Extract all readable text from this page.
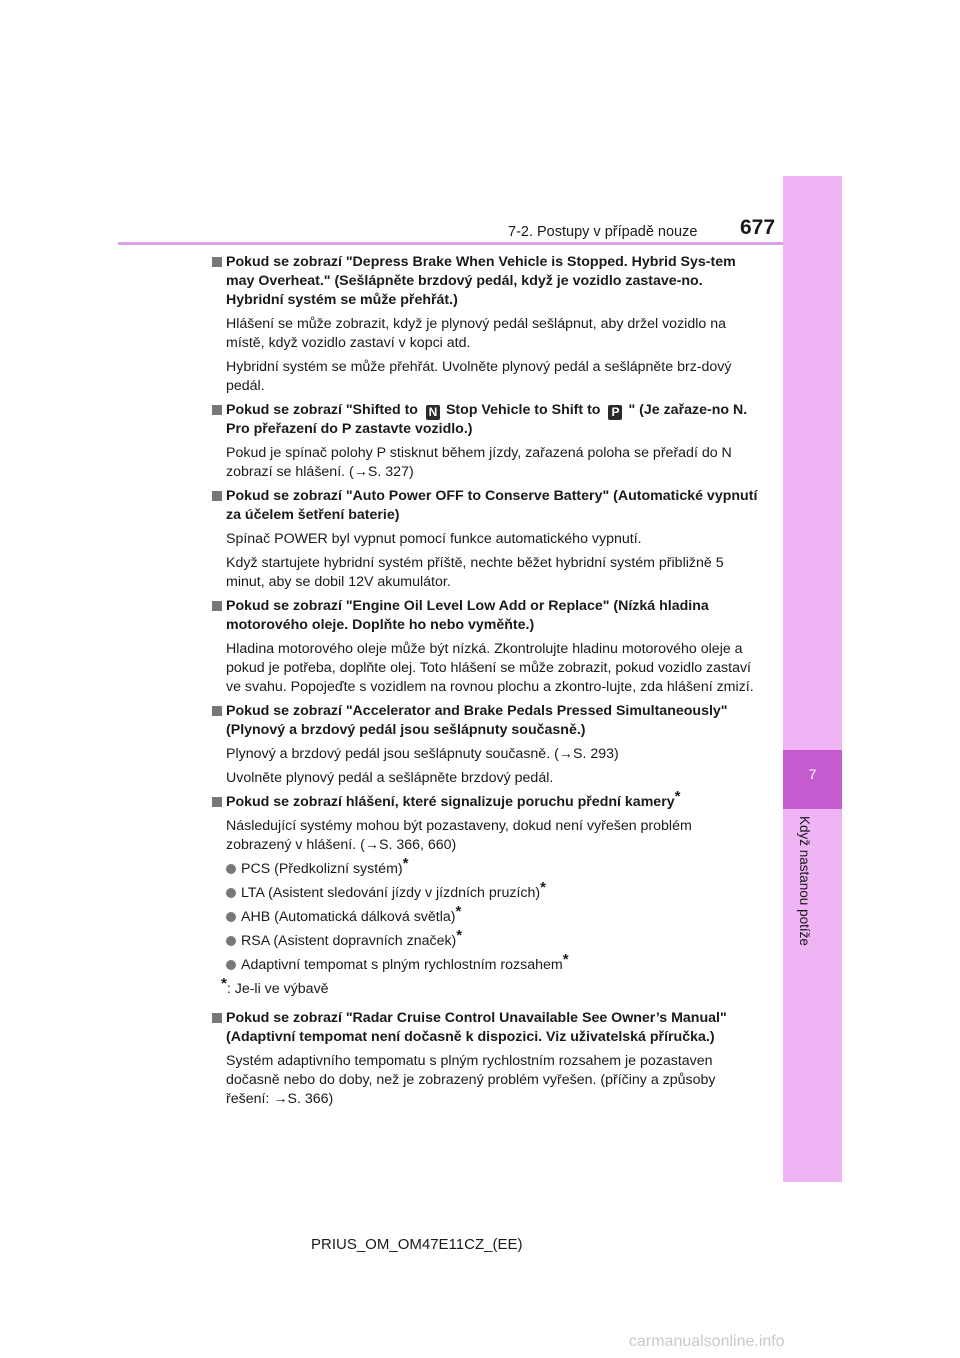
7
Když nastanou potíže
7-2. Postupy v případě nouze 677
Pokud se zobrazí "Depress Brake When Vehicle is Stopped. Hybrid Sys-tem may Overheat." (Sešlápněte brzdový pedál, když je vozidlo zastave-no. Hybridní systém se může přehřát.)
Hlášení se může zobrazit, když je plynový pedál sešlápnut, aby držel vozidlo na místě, když vozidlo zastaví v kopci atd.
Hybridní systém se může přehřát. Uvolněte plynový pedál a sešlápněte brz-dový pedál.
Pokud se zobrazí "Shifted to N Stop Vehicle to Shift to P " (Je zařaze-no N. Pro přeřazení do P zastavte vozidlo.)
Pokud je spínač polohy P stisknut během jízdy, zařazená poloha se přeřadí do N zobrazí se hlášení. (→S. 327)
Pokud se zobrazí "Auto Power OFF to Conserve Battery" (Automatické vypnutí za účelem šetření baterie)
Spínač POWER byl vypnut pomocí funkce automatického vypnutí.
Když startujete hybridní systém příště, nechte běžet hybridní systém přibližně 5 minut, aby se dobil 12V akumulátor.
Pokud se zobrazí "Engine Oil Level Low Add or Replace" (Nízká hladina motorového oleje. Doplňte ho nebo vyměňte.)
Hladina motorového oleje může být nízká. Zkontrolujte hladinu motorového oleje a pokud je potřeba, doplňte olej. Toto hlášení se může zobrazit, pokud vozidlo zastaví ve svahu. Popojeďte s vozidlem na rovnou plochu a zkontro-lujte, zda hlášení zmizí.
Pokud se zobrazí "Accelerator and Brake Pedals Pressed Simultaneously" (Plynový a brzdový pedál jsou sešlápnuty současně.)
Plynový a brzdový pedál jsou sešlápnuty současně. (→S. 293)
Uvolněte plynový pedál a sešlápněte brzdový pedál.
Pokud se zobrazí hlášení, které signalizuje poruchu přední kamery*
Následující systémy mohou být pozastaveny, dokud není vyřešen problém zobrazený v hlášení. (→S. 366, 660)
PCS (Předkolizní systém)*
LTA (Asistent sledování jízdy v jízdních pruzích)*
AHB (Automatická dálková světla)*
RSA (Asistent dopravních značek)*
Adaptivní tempomat s plným rychlostním rozsahem*
*: Je-li ve výbavě
Pokud se zobrazí "Radar Cruise Control Unavailable See Owner’s Manual" (Adaptivní tempomat není dočasně k dispozici. Viz uživatelská příručka.)
Systém adaptivního tempomatu s plným rychlostním rozsahem je pozastaven dočasně nebo do doby, než je zobrazený problém vyřešen. (příčiny a způsoby řešení: →S. 366)
PRIUS_OM_OM47E11CZ_(EE)
carmanualsonline.info
